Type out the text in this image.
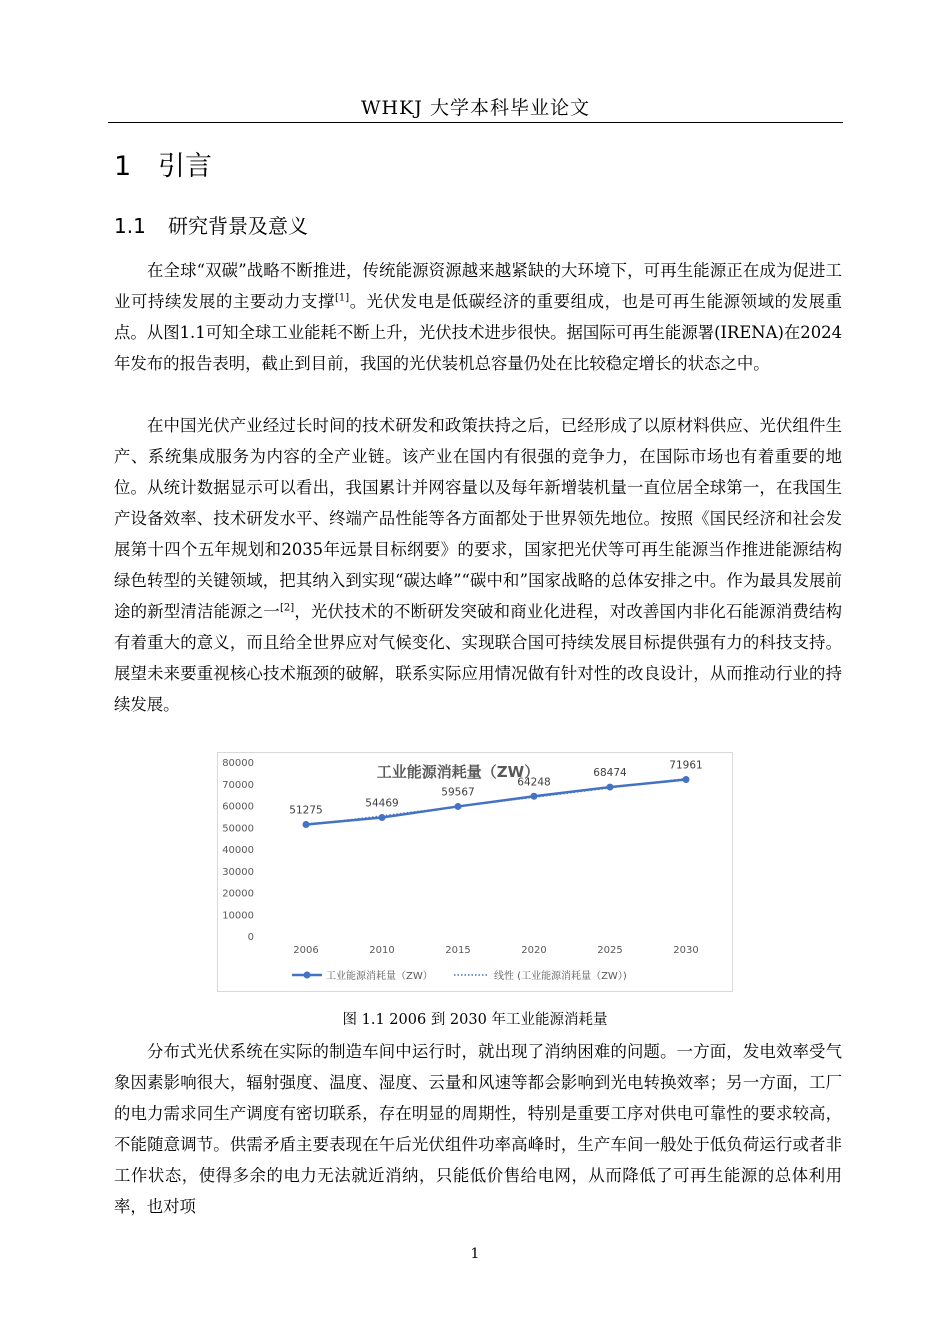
WHKJ 大学本科毕业论文
1 引言
1.1 研究背景及意义

在全球“双碳”战略不断推进，传统能源资源越来越紧缺的大环境下，可再生能源正在成为促进工业可持续发展的主要动力支撑[1]。光伏发电是低碳经济的重要组成，也是可再生能源领域的发展重点。从图1.1可知全球工业能耗不断上升，光伏技术进步很快。据国际可再生能源署(IRENA)在2024年发布的报告表明，截止到目前，我国的光伏装机总容量仍处在比较稳定增长的状态之中。

在中国光伏产业经过长时间的技术研发和政策扶持之后，已经形成了以原材料供应、光伏组件生产、系统集成服务为内容的全产业链。该产业在国内有很强的竞争力，在国际市场也有着重要的地位。从统计数据显示可以看出，我国累计并网容量以及每年新增装机量一直位居全球第一，在我国生产设备效率、技术研发水平、终端产品性能等各方面都处于世界领先地位。按照《国民经济和社会发展第十四个五年规划和2035年远景目标纲要》的要求，国家把光伏等可再生能源当作推进能源结构绿色转型的关键领域，把其纳入到实现“碳达峰”“碳中和”国家战略的总体安排之中。作为最具发展前途的新型清洁能源之一[2]，光伏技术的不断研发突破和商业化进程，对改善国内非化石能源消费结构有着重大的意义，而且给全世界应对气候变化、实现联合国可持续发展目标提供强有力的科技支持。展望未来要重视核心技术瓶颈的破解，联系实际应用情况做有针对性的改良设计，从而推动行业的持续发展。

工业能源消耗量（ZW）
0
10000
20000
30000
40000
50000
60000
70000
80000
2006	2010	2015	2020	2025	2030
51275
54469
59567
64248
68474
71961
工业能源消耗量（ZW）	线性 (工业能源消耗量（ZW）)
图 1.1 2006 到 2030 年工业能源消耗量

分布式光伏系统在实际的制造车间中运行时，就出现了消纳困难的问题。一方面，发电效率受气象因素影响很大，辐射强度、温度、湿度、云量和风速等都会影响到光电转换效率；另一方面，工厂的电力需求同生产调度有密切联系，存在明显的周期性，特别是重要工序对供电可靠性的要求较高，不能随意调节。供需矛盾主要表现在午后光伏组件功率高峰时，生产车间一般处于低负荷运行或者非工作状态，使得多余的电力无法就近消纳，只能低价售给电网，从而降低了可再生能源的总体利用率，也对项

1
